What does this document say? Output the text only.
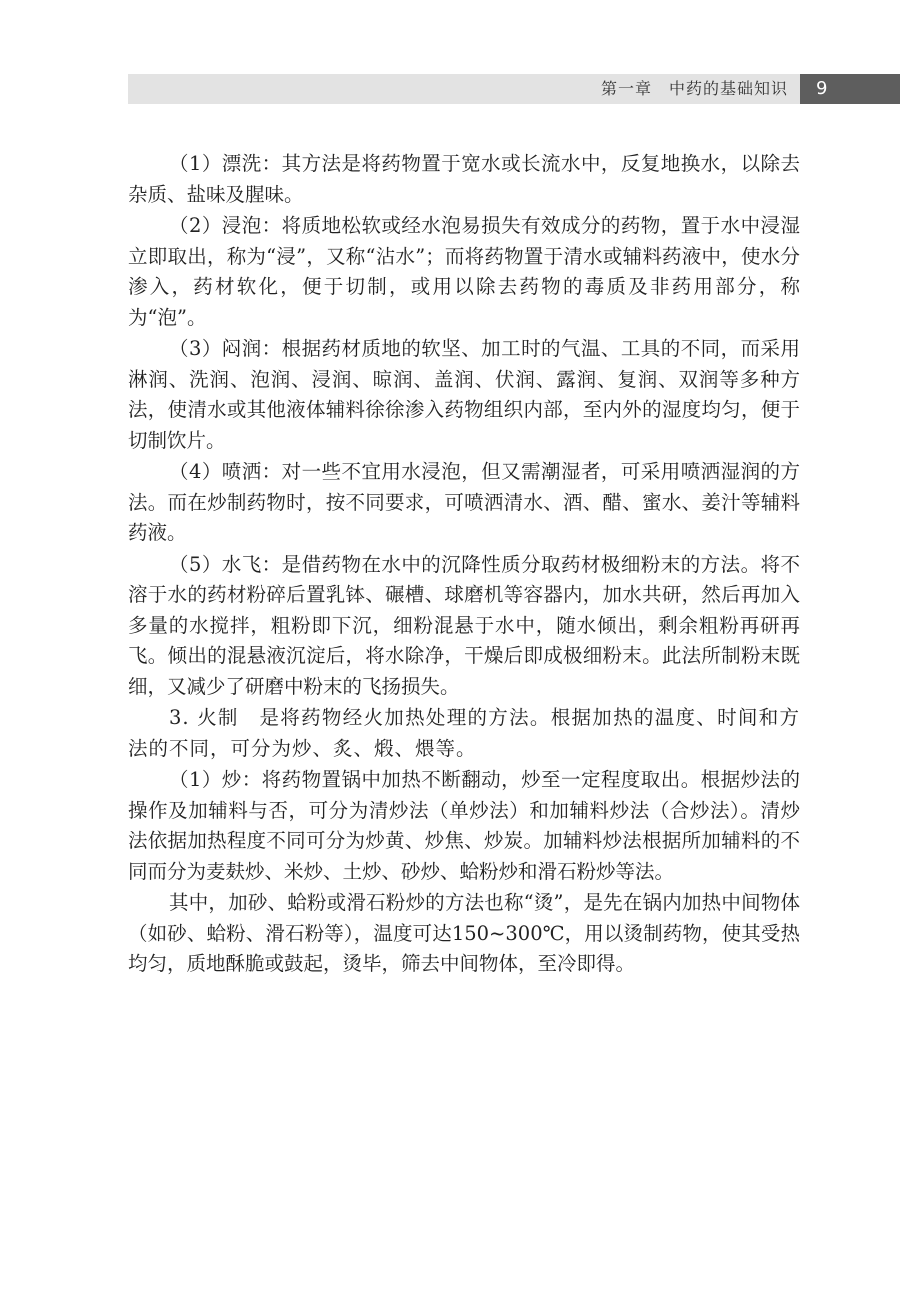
第一章　中药的基础知识	9

（1）漂洗：其方法是将药物置于宽水或长流水中，反复地换水，以除去杂质、盐味及腥味。

（2）浸泡：将质地松软或经水泡易损失有效成分的药物，置于水中浸湿立即取出，称为“浸”，又称“沾水”；而将药物置于清水或辅料药液中，使水分渗入，药材软化，便于切制，或用以除去药物的毒质及非药用部分，称为“泡”。

（3）闷润：根据药材质地的软坚、加工时的气温、工具的不同，而采用淋润、洗润、泡润、浸润、晾润、盖润、伏润、露润、复润、双润等多种方法，使清水或其他液体辅料徐徐渗入药物组织内部，至内外的湿度均匀，便于切制饮片。

（4）喷洒：对一些不宜用水浸泡，但又需潮湿者，可采用喷洒湿润的方法。而在炒制药物时，按不同要求，可喷洒清水、酒、醋、蜜水、姜汁等辅料药液。

（5）水飞：是借药物在水中的沉降性质分取药材极细粉末的方法。将不溶于水的药材粉碎后置乳钵、碾槽、球磨机等容器内，加水共研，然后再加入多量的水搅拌，粗粉即下沉，细粉混悬于水中，随水倾出，剩余粗粉再研再飞。倾出的混悬液沉淀后，将水除净，干燥后即成极细粉末。此法所制粉末既细，又减少了研磨中粉末的飞扬损失。

3. 火制　是将药物经火加热处理的方法。根据加热的温度、时间和方法的不同，可分为炒、炙、煅、煨等。

（1）炒：将药物置锅中加热不断翻动，炒至一定程度取出。根据炒法的操作及加辅料与否，可分为清炒法（单炒法）和加辅料炒法（合炒法）。清炒法依据加热程度不同可分为炒黄、炒焦、炒炭。加辅料炒法根据所加辅料的不同而分为麦麸炒、米炒、土炒、砂炒、蛤粉炒和滑石粉炒等法。

其中，加砂、蛤粉或滑石粉炒的方法也称“烫”，是先在锅内加热中间物体（如砂、蛤粉、滑石粉等），温度可达150~300℃，用以烫制药物，使其受热均匀，质地酥脆或鼓起，烫毕，筛去中间物体，至冷即得。
